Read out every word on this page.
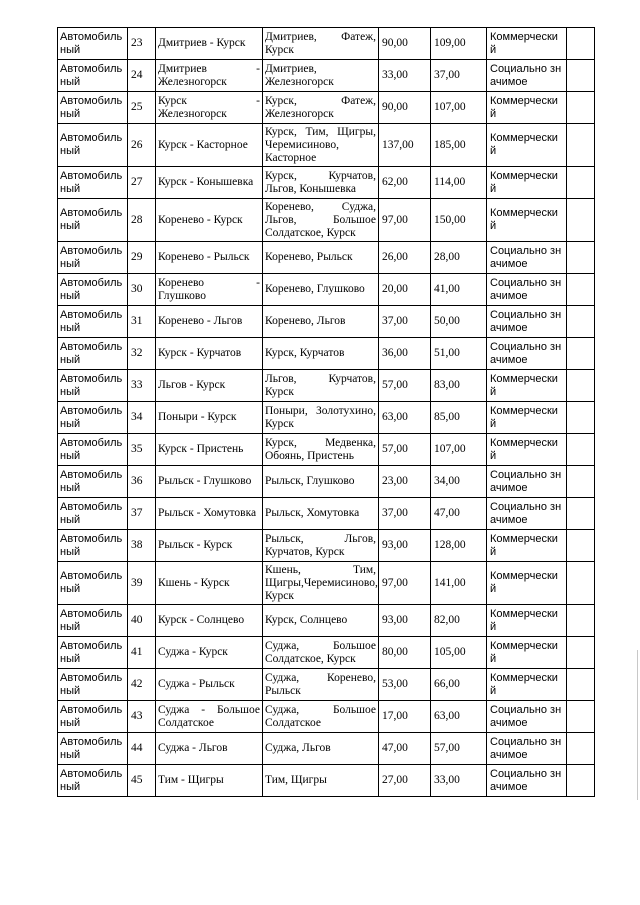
Автомобильный	23	Дмитриев - Курск	Дмитриев, Фатеж, Курск	90,00	109,00	Коммерческий	
Автомобильный	24	Дмитриев - Железногорск	Дмитриев, Железногорск	33,00	37,00	Социально значимое	
Автомобильный	25	Курск - Железногорск	Курск, Фатеж, Железногорск	90,00	107,00	Коммерческий	
Автомобильный	26	Курск - Касторное	Курск, Тим, Щигры, Черемисиново, Касторное	137,00	185,00	Коммерческий	
Автомобильный	27	Курск - Конышевка	Курск, Курчатов, Льгов, Конышевка	62,00	114,00	Коммерческий	
Автомобильный	28	Коренево - Курск	Коренево, Суджа, Льгов, Большое Солдатское, Курск	97,00	150,00	Коммерческий	
Автомобильный	29	Коренево - Рыльск	Коренево, Рыльск	26,00	28,00	Социально значимое	
Автомобильный	30	Коренево - Глушково	Коренево, Глушково	20,00	41,00	Социально значимое	
Автомобильный	31	Коренево - Льгов	Коренево, Льгов	37,00	50,00	Социально значимое	
Автомобильный	32	Курск - Курчатов	Курск, Курчатов	36,00	51,00	Социально значимое	
Автомобильный	33	Льгов - Курск	Льгов, Курчатов, Курск	57,00	83,00	Коммерческий	
Автомобильный	34	Поныри - Курск	Поныри, Золотухино, Курск	63,00	85,00	Коммерческий	
Автомобильный	35	Курск - Пристень	Курск, Медвенка, Обоянь, Пристень	57,00	107,00	Коммерческий	
Автомобильный	36	Рыльск - Глушково	Рыльск, Глушково	23,00	34,00	Социально значимое	
Автомобильный	37	Рыльск - Хомутовка	Рыльск, Хомутовка	37,00	47,00	Социально значимое	
Автомобильный	38	Рыльск - Курск	Рыльск, Льгов, Курчатов, Курск	93,00	128,00	Коммерческий	
Автомобильный	39	Кшень - Курск	Кшень, Тим, Щигры,Черемисиново, Курск	97,00	141,00	Коммерческий	
Автомобильный	40	Курск - Солнцево	Курск, Солнцево	93,00	82,00	Коммерческий	
Автомобильный	41	Суджа - Курск	Суджа, Большое Солдатское, Курск	80,00	105,00	Коммерческий	
Автомобильный	42	Суджа - Рыльск	Суджа, Коренево, Рыльск	53,00	66,00	Коммерческий	
Автомобильный	43	Суджа - Большое Солдатское	Суджа, Большое Солдатское	17,00	63,00	Социально значимое	
Автомобильный	44	Суджа - Льгов	Суджа, Льгов	47,00	57,00	Социально значимое	
Автомобильный	45	Тим - Щигры	Тим, Щигры	27,00	33,00	Социально значимое	
